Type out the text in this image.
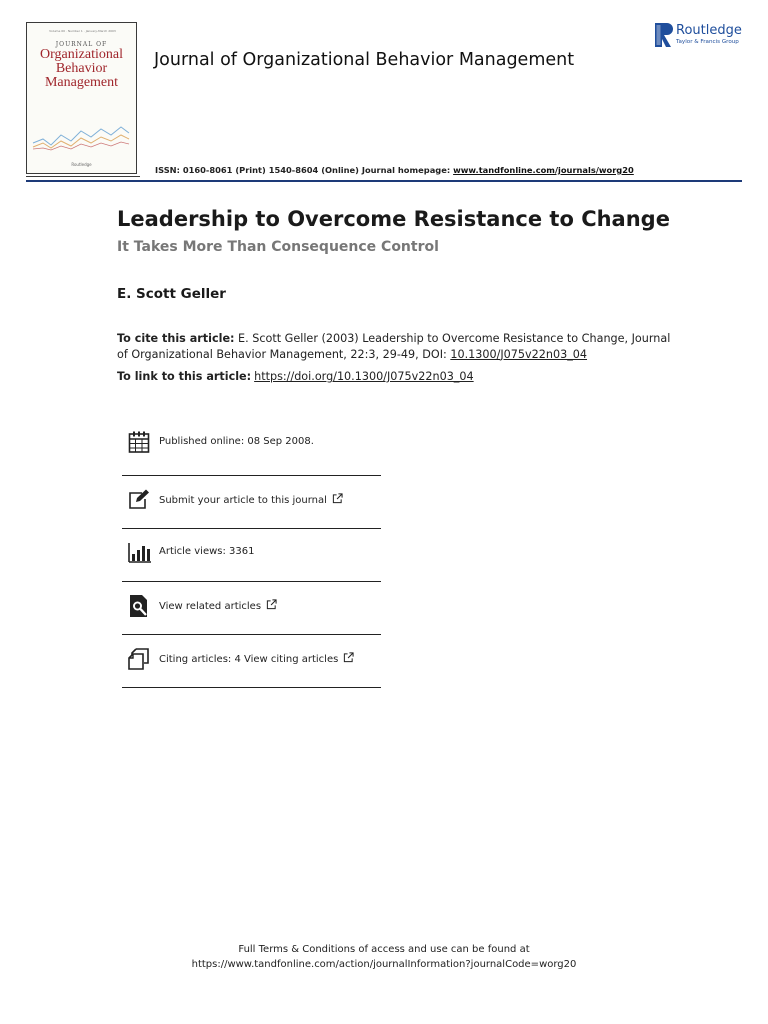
Volume 00 · Number 1 · January-March 2003
JOURNAL OF
Organizational
Behavior
Management
Routledge
Journal of Organizational Behavior Management
Routledge
Taylor & Francis Group
ISSN: 0160-8061 (Print) 1540-8604 (Online) Journal homepage: www.tandfonline.com/journals/worg20
Leadership to Overcome Resistance to Change
It Takes More Than Consequence Control
E. Scott Geller
To cite this article: E. Scott Geller (2003) Leadership to Overcome Resistance to Change, Journal of Organizational Behavior Management, 22:3, 29-49, DOI: 10.1300/J075v22n03_04
To link to this article: https://doi.org/10.1300/J075v22n03_04
Published online: 08 Sep 2008.
Submit your article to this journal
Article views: 3361
View related articles
Citing articles: 4 View citing articles
Full Terms & Conditions of access and use can be found at
https://www.tandfonline.com/action/journalInformation?journalCode=worg20
